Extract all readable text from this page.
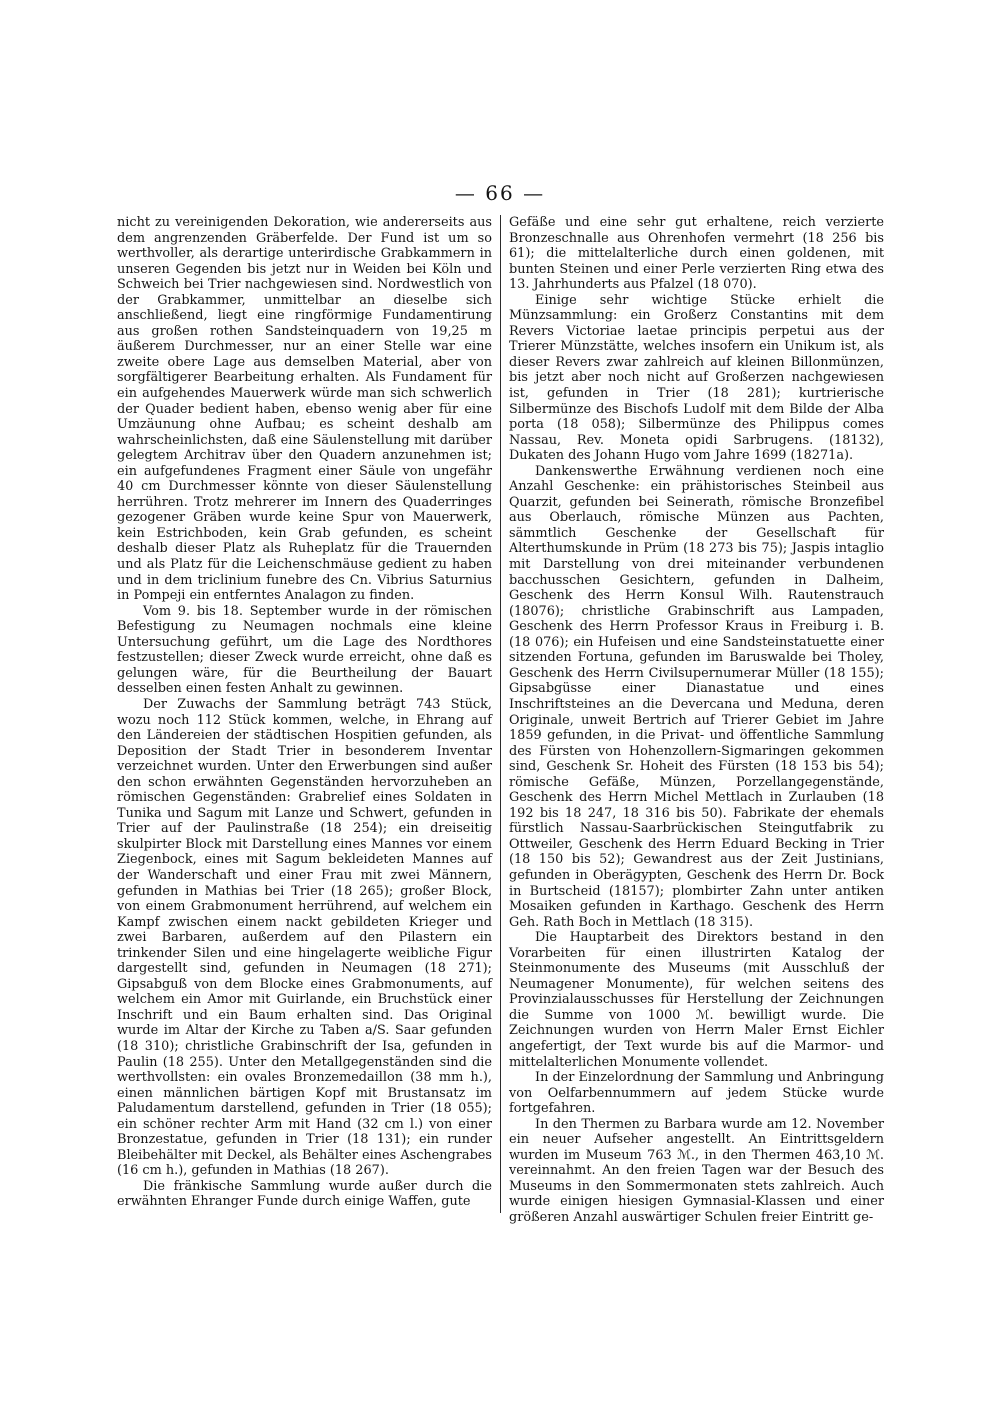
— 66 —

nicht zu vereinigenden Dekoration, wie andererseits aus dem angrenzenden Gräberfelde. Der Fund ist um so werthvoller, als derartige unterirdische Grabkammern in unseren Gegenden bis jetzt nur in Weiden bei Köln und Schweich bei Trier nachgewiesen sind. Nordwestlich von der Grabkammer, unmittelbar an dieselbe sich anschließend, liegt eine ringförmige Fundamentirung aus großen rothen Sandsteinquadern von 19,25 m äußerem Durchmesser, nur an einer Stelle war eine zweite obere Lage aus demselben Material, aber von sorgfältigerer Bearbeitung erhalten. Als Fundament für ein aufgehendes Mauerwerk würde man sich schwerlich der Quader bedient haben, ebenso wenig aber für eine Umzäunung ohne Aufbau; es scheint deshalb am wahrscheinlichsten, daß eine Säulenstellung mit darüber gelegtem Architrav über den Quadern anzunehmen ist; ein aufgefundenes Fragment einer Säule von ungefähr 40 cm Durchmesser könnte von dieser Säulenstellung herrühren. Trotz mehrerer im Innern des Quaderringes gezogener Gräben wurde keine Spur von Mauerwerk, kein Estrichboden, kein Grab gefunden, es scheint deshalb dieser Platz als Ruheplatz für die Trauernden und als Platz für die Leichenschmäuse gedient zu haben und in dem triclinium funebre des Cn. Vibrius Saturnius in Pompeji ein entferntes Analagon zu finden.

Vom 9. bis 18. September wurde in der römischen Befestigung zu Neumagen nochmals eine kleine Untersuchung geführt, um die Lage des Nordthores festzustellen; dieser Zweck wurde erreicht, ohne daß es gelungen wäre, für die Beurtheilung der Bauart desselben einen festen Anhalt zu gewinnen.

Der Zuwachs der Sammlung beträgt 743 Stück, wozu noch 112 Stück kommen, welche, in Ehrang auf den Ländereien der städtischen Hospitien gefunden, als Deposition der Stadt Trier in besonderem Inventar verzeichnet wurden. Unter den Erwerbungen sind außer den schon erwähnten Gegenständen hervorzuheben an römischen Gegenständen: Grabrelief eines Soldaten in Tunika und Sagum mit Lanze und Schwert, gefunden in Trier auf der Paulinstraße (18 254); ein dreiseitig skulpirter Block mit Darstellung eines Mannes vor einem Ziegenbock, eines mit Sagum bekleideten Mannes auf der Wanderschaft und einer Frau mit zwei Männern, gefunden in Mathias bei Trier (18 265); großer Block, von einem Grabmonument herrührend, auf welchem ein Kampf zwischen einem nackt gebildeten Krieger und zwei Barbaren, außerdem auf den Pilastern ein trinkender Silen und eine hingelagerte weibliche Figur dargestellt sind, gefunden in Neumagen (18 271); Gipsabguß von dem Blocke eines Grabmonuments, auf welchem ein Amor mit Guirlande, ein Bruchstück einer Inschrift und ein Baum erhalten sind. Das Original wurde im Altar der Kirche zu Taben a/S. Saar gefunden (18 310); christliche Grabinschrift der Isa, gefunden in Paulin (18 255). Unter den Metallgegenständen sind die werthvollsten: ein ovales Bronzemedaillon (38 mm h.), einen männlichen bärtigen Kopf mit Brustansatz im Paludamentum darstellend, gefunden in Trier (18 055); ein schöner rechter Arm mit Hand (32 cm l.) von einer Bronzestatue, gefunden in Trier (18 131); ein runder Bleibehälter mit Deckel, als Behälter eines Aschengrabes (16 cm h.), gefunden in Mathias (18 267).

Die fränkische Sammlung wurde außer durch die erwähnten Ehranger Funde durch einige Waffen, gute

Gefäße und eine sehr gut erhaltene, reich verzierte Bronzeschnalle aus Ohrenhofen vermehrt (18 256 bis 61); die mittelalterliche durch einen goldenen, mit bunten Steinen und einer Perle verzierten Ring etwa des 13. Jahrhunderts aus Pfalzel (18 070).

Einige sehr wichtige Stücke erhielt die Münzsammlung: ein Großerz Constantins mit dem Revers Victoriae laetae principis perpetui aus der Trierer Münzstätte, welches insofern ein Unikum ist, als dieser Revers zwar zahlreich auf kleinen Billonmünzen, bis jetzt aber noch nicht auf Großerzen nachgewiesen ist, gefunden in Trier (18 281); kurtrierische Silbermünze des Bischofs Ludolf mit dem Bilde der Alba porta (18 058); Silbermünze des Philippus comes Nassau, Rev. Moneta opidi Sarbrugens. (18132), Dukaten des Johann Hugo vom Jahre 1699 (18271a).

Dankenswerthe Erwähnung verdienen noch eine Anzahl Geschenke: ein prähistorisches Steinbeil aus Quarzit, gefunden bei Seinerath, römische Bronzefibel aus Oberlauch, römische Münzen aus Pachten, sämmtlich Geschenke der Gesellschaft für Alterthumskunde in Prüm (18 273 bis 75); Jaspis intaglio mit Darstellung von drei miteinander verbundenen bacchusschen Gesichtern, gefunden in Dalheim, Geschenk des Herrn Konsul Wilh. Rautenstrauch (18076); christliche Grabinschrift aus Lampaden, Geschenk des Herrn Professor Kraus in Freiburg i. B. (18 076); ein Hufeisen und eine Sandsteinstatuette einer sitzenden Fortuna, gefunden im Baruswalde bei Tholey, Geschenk des Herrn Civilsupernumerar Müller (18 155); Gipsabgüsse einer Dianastatue und eines Inschriftsteines an die Devercana und Meduna, deren Originale, unweit Bertrich auf Trierer Gebiet im Jahre 1859 gefunden, in die Privat- und öffentliche Sammlung des Fürsten von Hohenzollern-Sigmaringen gekommen sind, Geschenk Sr. Hoheit des Fürsten (18 153 bis 54); römische Gefäße, Münzen, Porzellangegenstände, Geschenk des Herrn Michel Mettlach in Zurlauben (18 192 bis 18 247, 18 316 bis 50). Fabrikate der ehemals fürstlich Nassau-Saarbrückischen Steingutfabrik zu Ottweiler, Geschenk des Herrn Eduard Becking in Trier (18 150 bis 52); Gewandrest aus der Zeit Justinians, gefunden in Oberägypten, Geschenk des Herrn Dr. Bock in Burtscheid (18157); plombirter Zahn unter antiken Mosaiken gefunden in Karthago. Geschenk des Herrn Geh. Rath Boch in Mettlach (18 315).

Die Hauptarbeit des Direktors bestand in den Vorarbeiten für einen illustrirten Katalog der Steinmonumente des Museums (mit Ausschluß der Neumagener Monumente), für welchen seitens des Provinzialausschusses für Herstellung der Zeichnungen die Summe von 1000 ℳ. bewilligt wurde. Die Zeichnungen wurden von Herrn Maler Ernst Eichler angefertigt, der Text wurde bis auf die Marmor- und mittelalterlichen Monumente vollendet.

In der Einzelordnung der Sammlung und Anbringung von Oelfarbennummern auf jedem Stücke wurde fortgefahren.

In den Thermen zu Barbara wurde am 12. November ein neuer Aufseher angestellt. An Eintrittsgeldern wurden im Museum 763 ℳ., in den Thermen 463,10 ℳ. vereinnahmt. An den freien Tagen war der Besuch des Museums in den Sommermonaten stets zahlreich. Auch wurde einigen hiesigen Gymnasial-Klassen und einer größeren Anzahl auswärtiger Schulen freier Eintritt ge-
